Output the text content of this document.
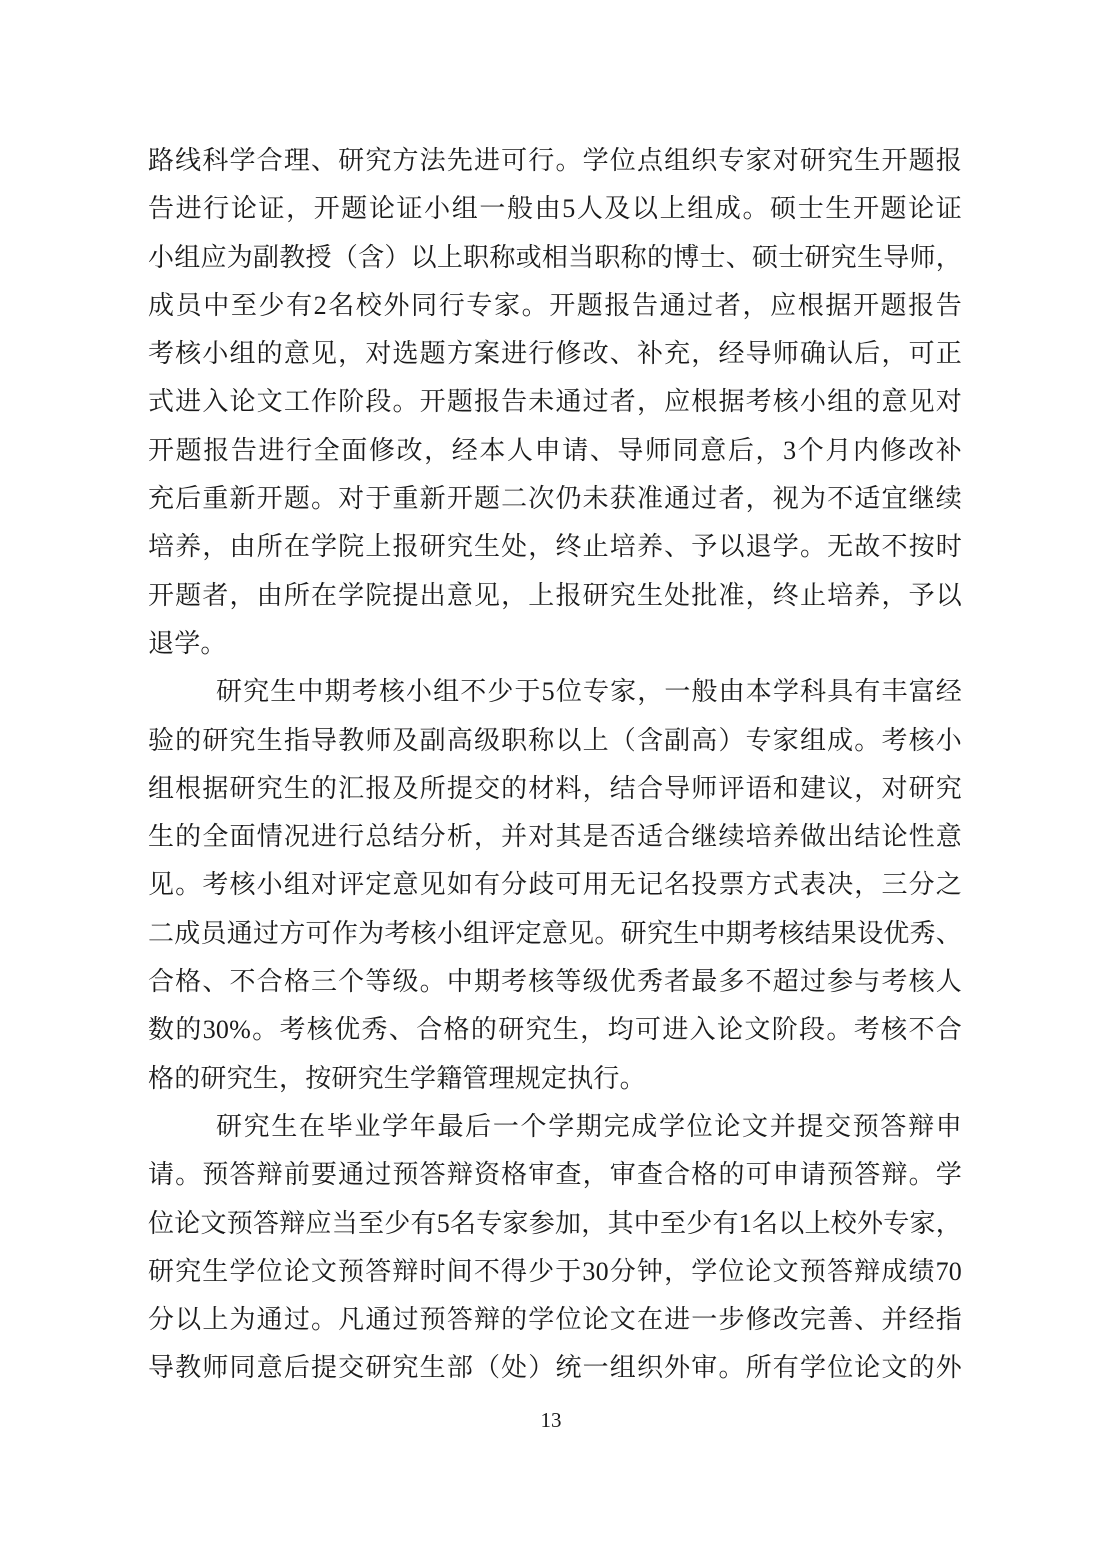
路线科学合理、研究方法先进可行。学位点组织专家对研究生开题报
告进行论证，开题论证小组一般由5人及以上组成。硕士生开题论证
小组应为副教授（含）以上职称或相当职称的博士、硕士研究生导师，
成员中至少有2名校外同行专家。开题报告通过者，应根据开题报告
考核小组的意见，对选题方案进行修改、补充，经导师确认后，可正
式进入论文工作阶段。开题报告未通过者，应根据考核小组的意见对
开题报告进行全面修改，经本人申请、导师同意后，3个月内修改补
充后重新开题。对于重新开题二次仍未获准通过者，视为不适宜继续
培养，由所在学院上报研究生处，终止培养、予以退学。无故不按时
开题者，由所在学院提出意见，上报研究生处批准，终止培养，予以
退学。
研究生中期考核小组不少于5位专家，一般由本学科具有丰富经
验的研究生指导教师及副高级职称以上（含副高）专家组成。考核小
组根据研究生的汇报及所提交的材料，结合导师评语和建议，对研究
生的全面情况进行总结分析，并对其是否适合继续培养做出结论性意
见。考核小组对评定意见如有分歧可用无记名投票方式表决，三分之
二成员通过方可作为考核小组评定意见。研究生中期考核结果设优秀、
合格、不合格三个等级。中期考核等级优秀者最多不超过参与考核人
数的30%。考核优秀、合格的研究生，均可进入论文阶段。考核不合
格的研究生，按研究生学籍管理规定执行。
研究生在毕业学年最后一个学期完成学位论文并提交预答辩申
请。预答辩前要通过预答辩资格审查，审查合格的可申请预答辩。学
位论文预答辩应当至少有5名专家参加，其中至少有1名以上校外专家，
研究生学位论文预答辩时间不得少于30分钟，学位论文预答辩成绩70
分以上为通过。凡通过预答辩的学位论文在进一步修改完善、并经指
导教师同意后提交研究生部（处）统一组织外审。所有学位论文的外
13
